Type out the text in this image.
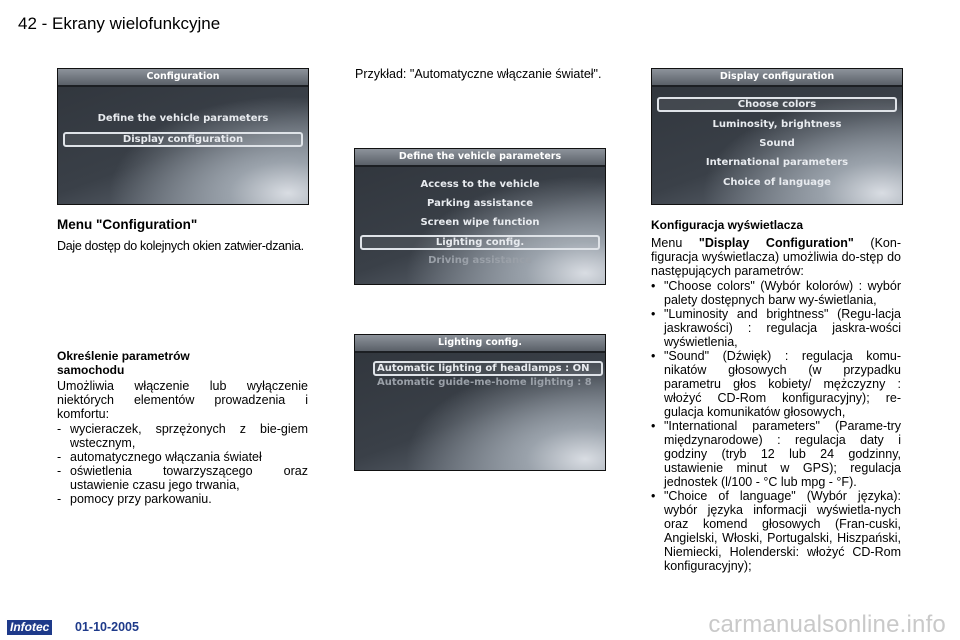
42 - Ekrany wielofunkcyjne
Configuration
Define the vehicle parameters
Display configuration
Define the vehicle parameters
Access to the vehicle
Parking assistance
Screen wipe function
Lighting config.
Driving assistance
Lighting config.
Automatic lighting of headlamps : ON
Automatic guide-me-home lighting : 8
Display configuration
Choose colors
Luminosity, brightness
Sound
International parameters
Choice of language
Menu "Configuration"
Daje dostęp do kolejnych okien zatwier-dzania.
Określenie parametrów samochodu
Umożliwia włączenie lub wyłączenie niektórych elementów prowadzenia i komfortu:
- wycieraczek, sprzężonych z bie-giem wstecznym,
- automatycznego włączania świateł
- oświetlenia towarzyszącego oraz ustawienie czasu jego trwania,
- pomocy przy parkowaniu.
Przykład: "Automatyczne włączanie świateł".
Konfiguracja wyświetlacza
Menu "Display Configuration" (Kon-figuracja wyświetlacza) umożliwia do-stęp do następujących parametrów:
• "Choose colors" (Wybór kolorów) : wybór palety dostępnych barw wy-świetlania,
• "Luminosity and brightness" (Regu-lacja jaskrawości) : regulacja jaskra-wości wyświetlenia,
• "Sound" (Dźwięk) : regulacja komu-nikatów głosowych (w przypadku parametru głos kobiety/ mężczyzny : włożyć CD-Rom konfiguracyjny); re-gulacja komunikatów głosowych,
• "International parameters" (Parame-try międzynarodowe) : regulacja daty i godziny (tryb 12 lub 24 godzinny, ustawienie minut w GPS); regulacja jednostek (l/100 - °C lub mpg - °F).
• "Choice of language" (Wybór języka): wybór języka informacji wyświetla-nych oraz komend głosowych (Fran-cuski, Angielski, Włoski, Portugalski, Hiszpański, Niemiecki, Holenderski: włożyć CD-Rom konfiguracyjny);
Infotec 01-10-2005	carmanualsonline.info
